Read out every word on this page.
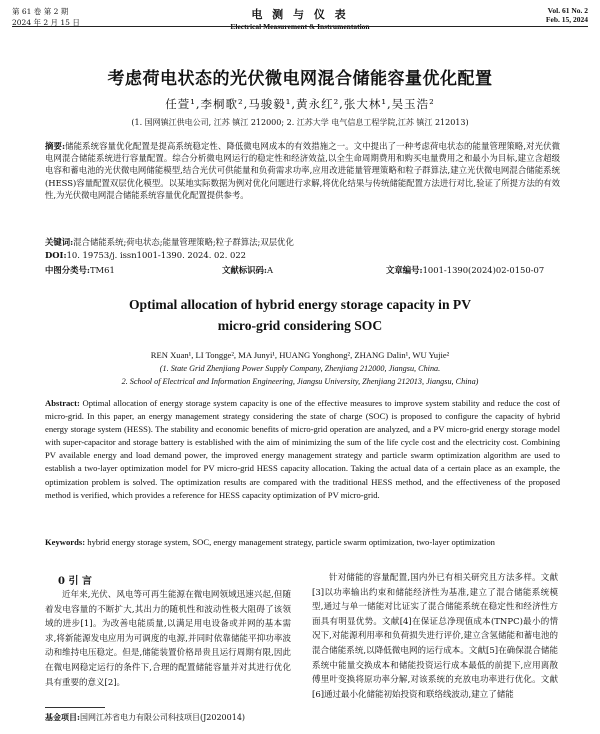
第 61 卷 第 2 期
2024 年 2 月 15 日
电 测 与 仪 表
Electrical Measurement & Instrumentation
Vol. 61 No. 2
Feb. 15, 2024
考虑荷电状态的光伏微电网混合储能容量优化配置
任萱¹,李桐歌²,马骏毅¹,黄永红²,张大林¹,吴玉浩²
(1. 国网镇江供电公司, 江苏 镇江 212000; 2. 江苏大学 电气信息工程学院,江苏 镇江 212013)
摘要:储能系统容量优化配置是提高系统稳定性、降低微电网成本的有效措施之一。文中提出了一种考虑荷电状态的能量管理策略,对光伏微电网混合储能系统进行容量配置。综合分析微电网运行的稳定性和经济效益,以全生命周期费用和购买电量费用之和最小为目标,建立含超级电容和蓄电池的光伏微电网储能模型,结合光伏可供能量和负荷需求功率,应用改进能量管理策略和粒子群算法,建立光伏微电网混合储能系统(HESS)容量配置双层优化模型。以某地实际数据为例对优化问题进行求解,将优化结果与传统储能配置方法进行对比,验证了所提方法的有效性,为光伏微电网混合储能系统容量优化配置提供参考。
关键词:混合储能系统;荷电状态;能量管理策略;粒子群算法;双层优化
DOI:10. 19753/j. issn1001-1390. 2024. 02. 022
中图分类号:TM61	文献标识码:A	文章编号:1001-1390(2024)02-0150-07
Optimal allocation of hybrid energy storage capacity in PV
micro-grid considering SOC
REN Xuan¹, LI Tongge², MA Junyi¹, HUANG Yonghong², ZHANG Dalin¹, WU Yujie²
(1. State Grid Zhenjiang Power Supply Company, Zhenjiang 212000, Jiangsu, China.
2. School of Electrical and Information Engineering, Jiangsu University, Zhenjiang 212013, Jiangsu, China)
Abstract: Optimal allocation of energy storage system capacity is one of the effective measures to improve system stability and reduce the cost of micro-grid. In this paper, an energy management strategy considering the state of charge (SOC) is proposed to configure the capacity of hybrid energy storage system (HESS). The stability and economic benefits of micro-grid operation are analyzed, and a PV micro-grid energy storage model with super-capacitor and storage battery is established with the aim of minimizing the sum of the life cycle cost and the electricity cost. Combining PV available energy and load demand power, the improved energy management strategy and particle swarm optimization algorithm are used to establish a two-layer optimization model for PV micro-grid HESS capacity allocation. Taking the actual data of a certain place as an example, the optimization problem is solved. The optimization results are compared with the traditional HESS method, and the effectiveness of the proposed method is verified, which provides a reference for HESS capacity optimization of PV micro-grid.
Keywords: hybrid energy storage system, SOC, energy management strategy, particle swarm optimization, two-layer optimization
0 引 言
近年来,光伏、风电等可再生能源在微电网领域迅速兴起,但随着发电容量的不断扩大,其出力的随机性和波动性极大阻碍了该领域的进步[1]。为改善电能质量,以满足用电设备或并网的基本需求,将新能源发电应用为可调度的电源,并同时依靠储能平抑功率波动和维持电压稳定。但是,储能装置价格昂贵且运行周期有限,因此在微电网稳定运行的条件下,合理的配置储能容量并对其进行优化具有重要的意义[2]。
针对储能的容量配置,国内外已有相关研究且方法多样。文献[3]以功率输出约束和储能经济性为基准,建立了混合储能系统模型,通过与单一储能对比证实了混合储能系统在稳定性和经济性方面具有明显优势。文献[4]在保证总净现值成本(TNPC)最小的情况下,对能源利用率和负荷损失进行评价,建立含氢储能和蓄电池的混合储能系统,以降低微电网的运行成本。文献[5]在确保混合储能系统中能量交换成本和储能投资运行成本最低的前提下,应用离散傅里叶变换将原功率分解,对该系统的充放电功率进行优化。文献[6]通过最小化储能初始投资和联络线波动,建立了储能
基金项目:国网江苏省电力有限公司科技项目(J2020014)
